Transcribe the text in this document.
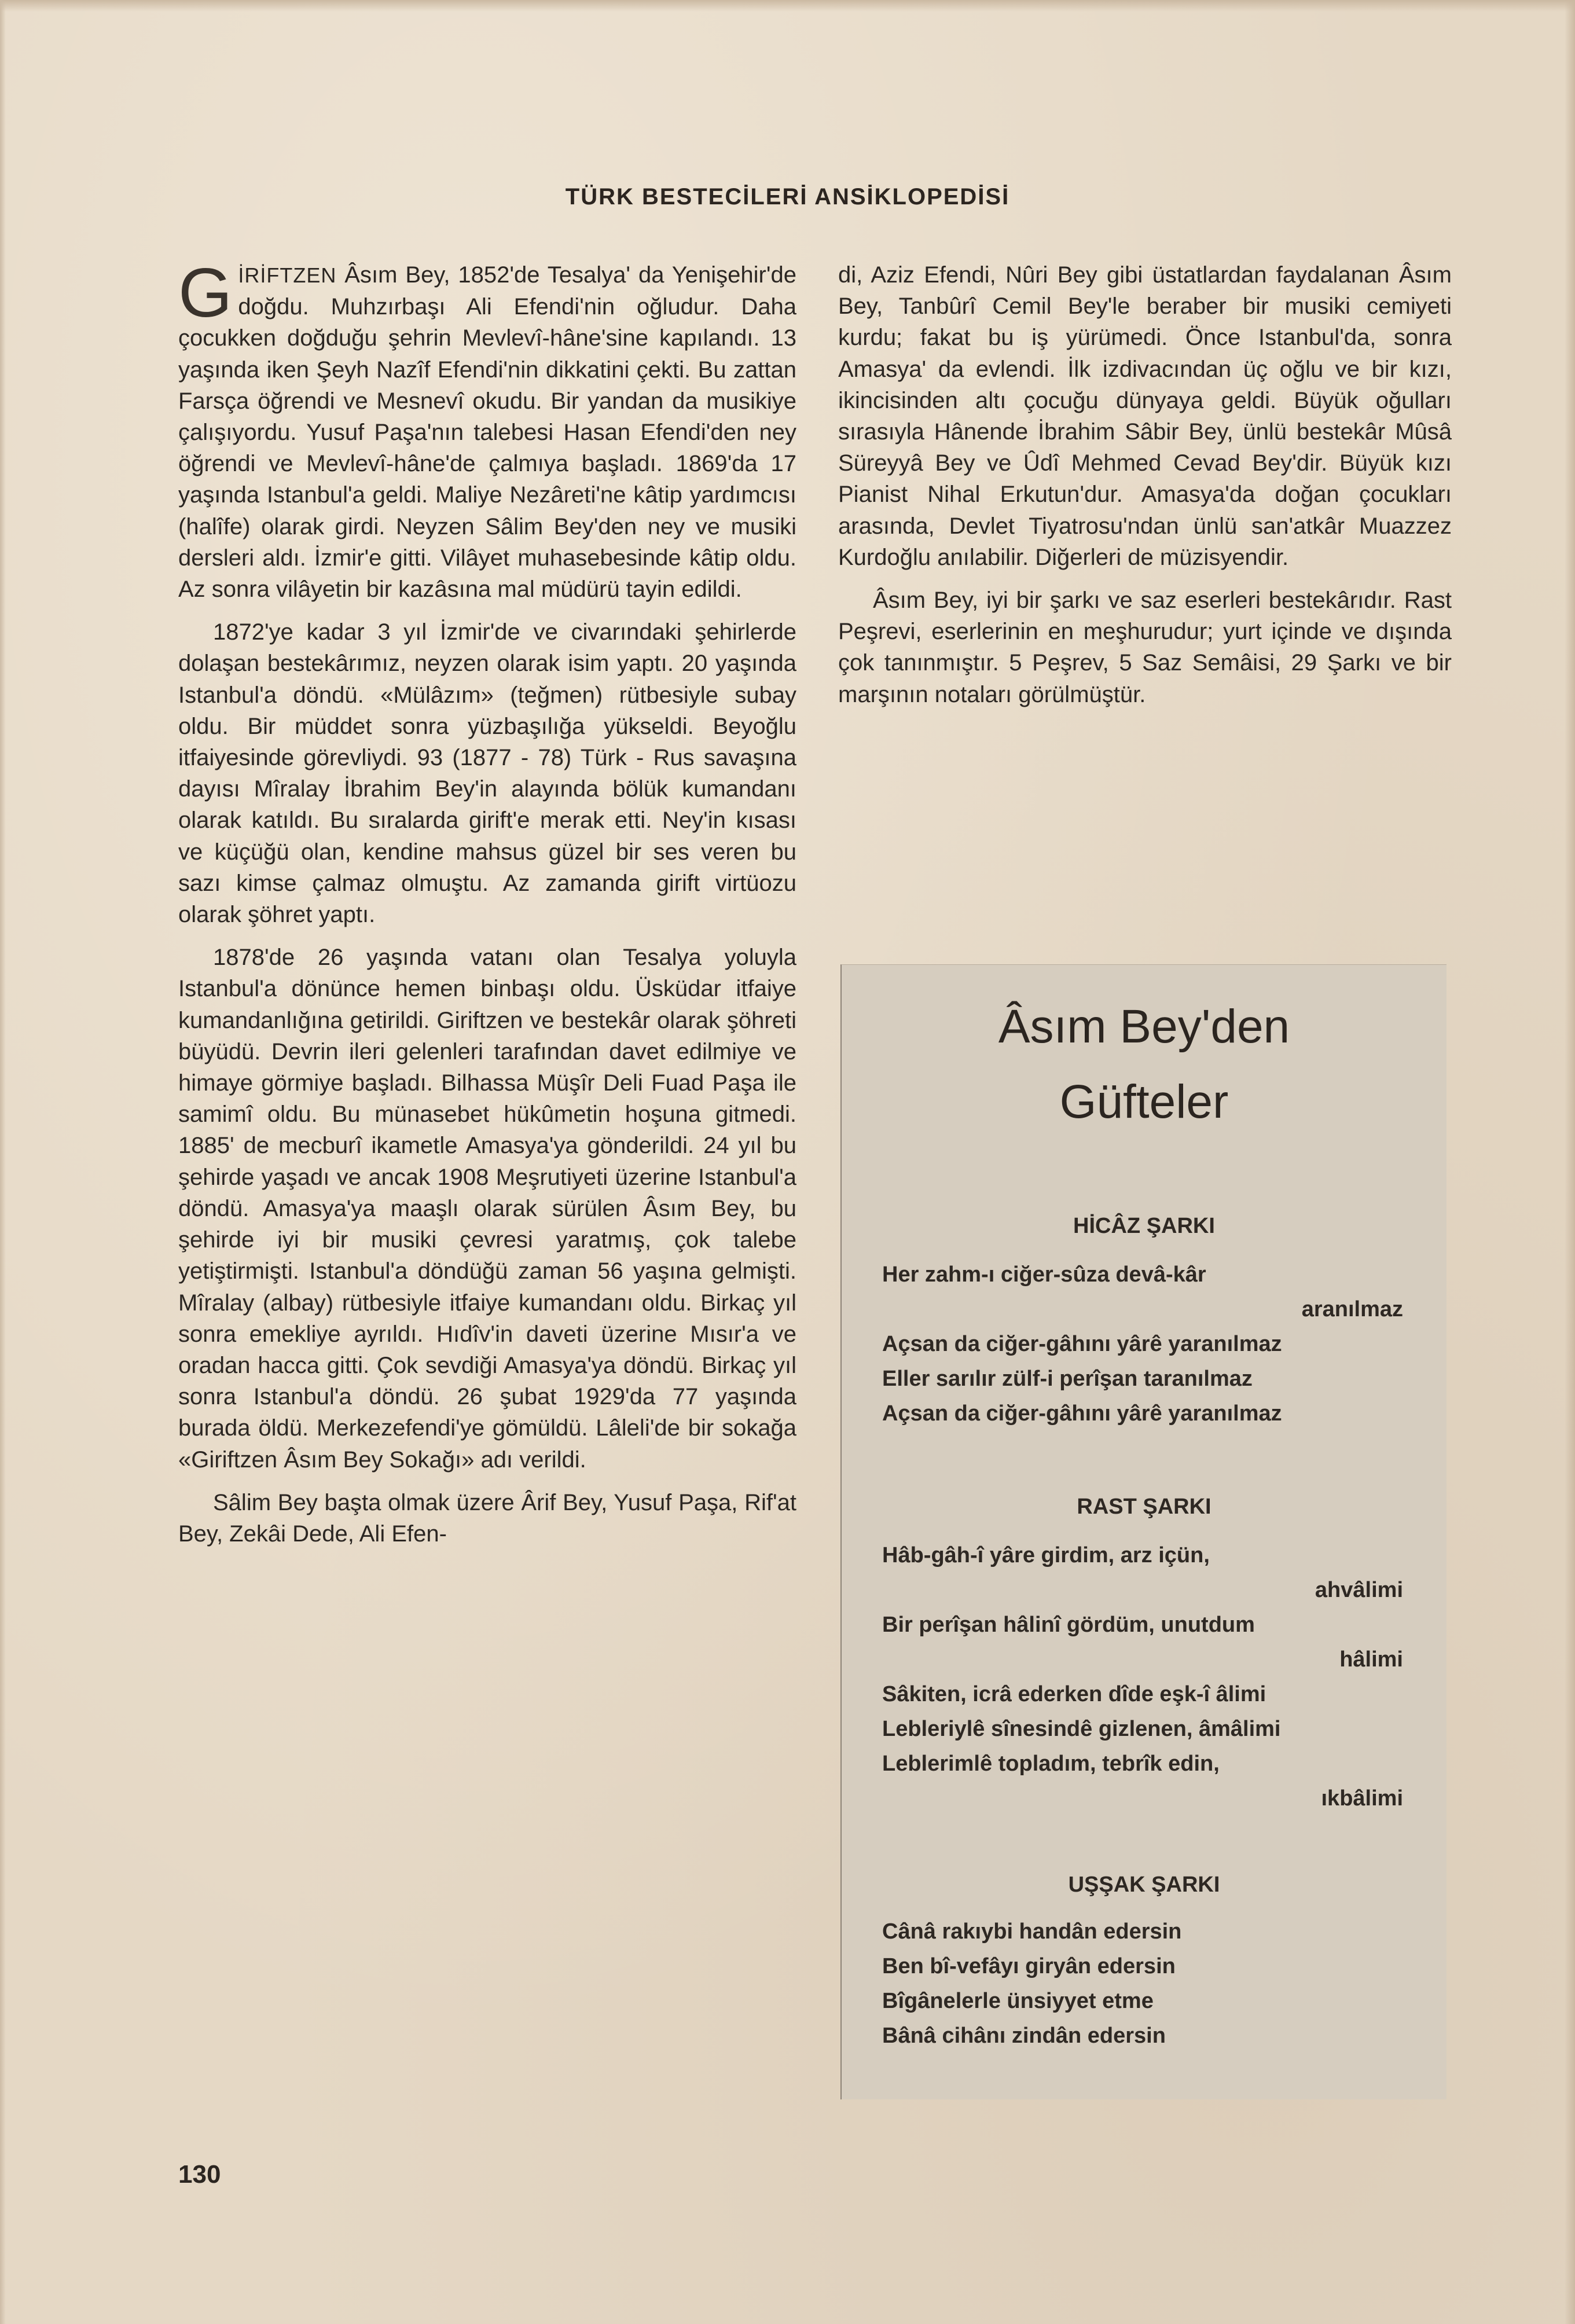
TÜRK BESTECİLERİ ANSİKLOPEDİSİ

GİRİFTZEN Âsım Bey, 1852'de Tesalya' da Yenişehir'de doğdu. Muhzırbaşı Ali Efendi'nin oğludur. Daha çocukken doğduğu şehrin Mevlevî-hâne'sine kapılandı. 13 yaşında iken Şeyh Nazîf Efendi'nin dikkatini çekti. Bu zattan Farsça öğrendi ve Mesnevî okudu. Bir yandan da musikiye çalışıyordu. Yusuf Paşa'nın talebesi Hasan Efendi'den ney öğrendi ve Mevlevî-hâne'de çalmıya başladı. 1869'da 17 yaşında Istanbul'a geldi. Maliye Nezâreti'ne kâtip yardımcısı (halîfe) olarak girdi. Neyzen Sâlim Bey'den ney ve musiki dersleri aldı. İzmir'e gitti. Vilâyet muhasebesinde kâtip oldu. Az sonra vilâyetin bir kazâsına mal müdürü tayin edildi.

1872'ye kadar 3 yıl İzmir'de ve civarındaki şehirlerde dolaşan bestekârımız, neyzen olarak isim yaptı. 20 yaşında Istanbul'a döndü. «Mülâzım» (teğmen) rütbesiyle subay oldu. Bir müddet sonra yüzbaşılığa yükseldi. Beyoğlu itfaiyesinde görevliydi. 93 (1877 - 78) Türk - Rus savaşına dayısı Mîralay İbrahim Bey'in alayında bölük kumandanı olarak katıldı. Bu sıralarda girift'e merak etti. Ney'in kısası ve küçüğü olan, kendine mahsus güzel bir ses veren bu sazı kimse çalmaz olmuştu. Az zamanda girift virtüozu olarak şöhret yaptı.

1878'de 26 yaşında vatanı olan Tesalya yoluyla Istanbul'a dönünce hemen binbaşı oldu. Üsküdar itfaiye kumandanlığına getirildi. Giriftzen ve bestekâr olarak şöhreti büyüdü. Devrin ileri gelenleri tarafından davet edilmiye ve himaye görmiye başladı. Bilhassa Müşîr Deli Fuad Paşa ile samimî oldu. Bu münasebet hükûmetin hoşuna gitmedi. 1885' de mecburî ikametle Amasya'ya gönderildi. 24 yıl bu şehirde yaşadı ve ancak 1908 Meşrutiyeti üzerine Istanbul'a döndü. Amasya'ya maaşlı olarak sürülen Âsım Bey, bu şehirde iyi bir musiki çevresi yaratmış, çok talebe yetiştirmişti. Istanbul'a döndüğü zaman 56 yaşına gelmişti. Mîralay (albay) rütbesiyle itfaiye kumandanı oldu. Birkaç yıl sonra emekliye ayrıldı. Hıdîv'in daveti üzerine Mısır'a ve oradan hacca gitti. Çok sevdiği Amasya'ya döndü. Birkaç yıl sonra Istanbul'a döndü. 26 şubat 1929'da 77 yaşında burada öldü. Merkezefendi'ye gömüldü. Lâleli'de bir sokağa «Giriftzen Âsım Bey Sokağı» adı verildi.

Sâlim Bey başta olmak üzere Ârif Bey, Yusuf Paşa, Rif'at Bey, Zekâi Dede, Ali Efen-

di, Aziz Efendi, Nûri Bey gibi üstatlardan faydalanan Âsım Bey, Tanbûrî Cemil Bey'le beraber bir musiki cemiyeti kurdu; fakat bu iş yürümedi. Önce Istanbul'da, sonra Amasya' da evlendi. İlk izdivacından üç oğlu ve bir kızı, ikincisinden altı çocuğu dünyaya geldi. Büyük oğulları sırasıyla Hânende İbrahim Sâbir Bey, ünlü bestekâr Mûsâ Süreyyâ Bey ve Ûdî Mehmed Cevad Bey'dir. Büyük kızı Pianist Nihal Erkutun'dur. Amasya'da doğan çocukları arasında, Devlet Tiyatrosu'ndan ünlü san'atkâr Muazzez Kurdoğlu anılabilir. Diğerleri de müzisyendir.

Âsım Bey, iyi bir şarkı ve saz eserleri bestekârıdır. Rast Peşrevi, eserlerinin en meşhurudur; yurt içinde ve dışında çok tanınmıştır. 5 Peşrev, 5 Saz Semâisi, 29 Şarkı ve bir marşının notaları görülmüştür.

Âsım Bey'den
Güfteler
HİCÂZ ŞARKI
Her zahm-ı ciğer-sûza devâ-kâr
aranılmaz
Açsan da ciğer-gâhını yârê yaranılmaz
Eller sarılır zülf-i perîşan taranılmaz
Açsan da ciğer-gâhını yârê yaranılmaz
RAST ŞARKI
Hâb-gâh-î yâre girdim, arz içün,
ahvâlimi
Bir perîşan hâlinî gördüm, unutdum
hâlimi
Sâkiten, icrâ ederken dîde eşk-î âlimi
Lebleriylê sînesindê gizlenen, âmâlimi
Leblerimlê topladım, tebrîk edin,
ıkbâlimi
UŞŞAK ŞARKI
Cânâ rakıybi handân edersin
Ben bî-vefâyı giryân edersin
Bîgânelerle ünsiyyet etme
Bânâ cihânı zindân edersin
130
